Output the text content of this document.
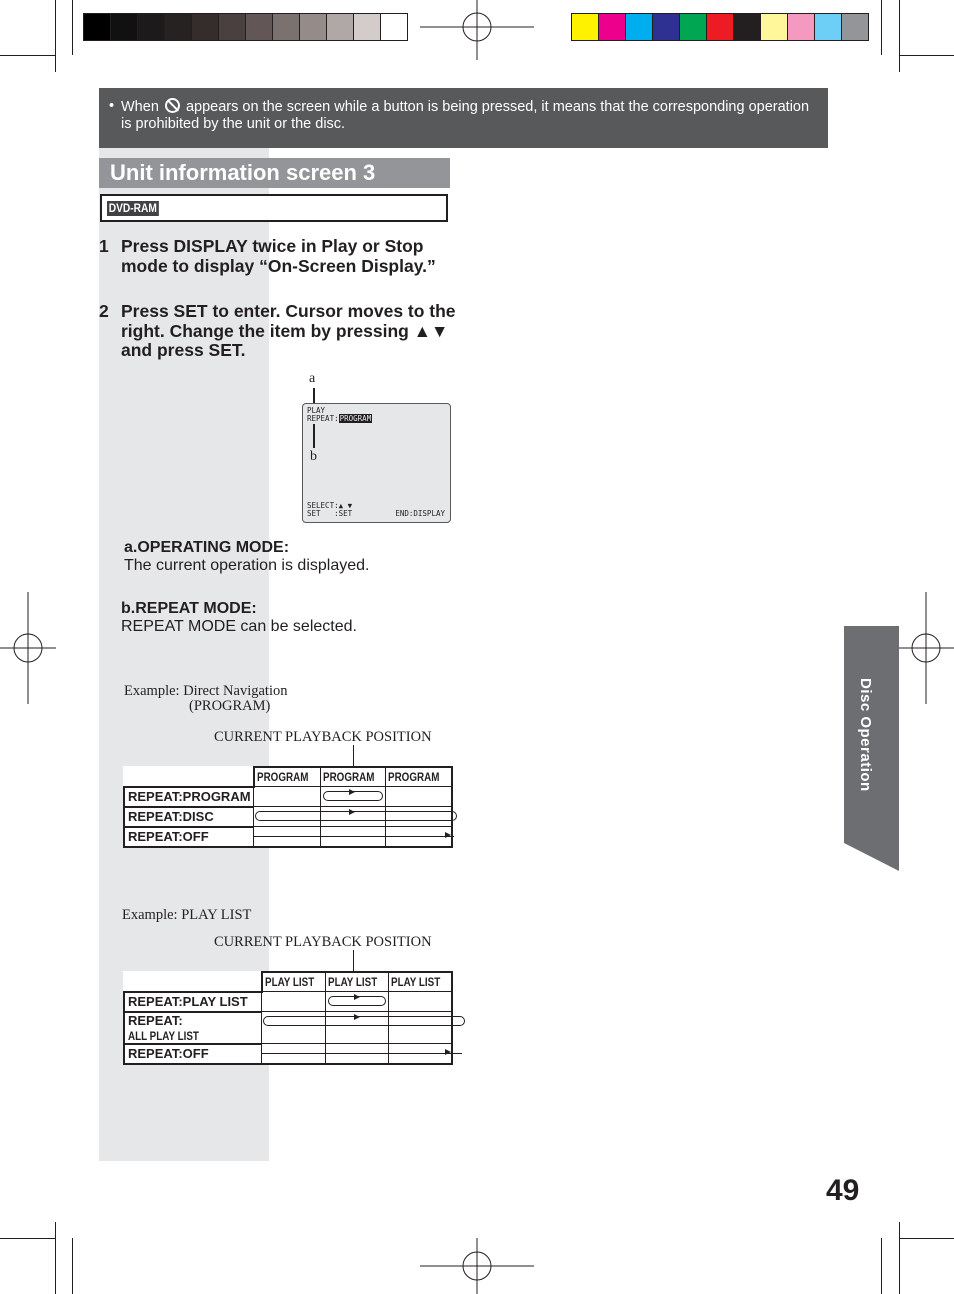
• When appears on the screen while a button is being pressed, it means that the corresponding operation is prohibited by the unit or the disc.
Unit information screen 3
DVD-RAM
1 Press DISPLAY twice in Play or Stop mode to display “On-Screen Display.”
2 Press SET to enter. Cursor moves to the right. Change the item by pressing ▲▼ and press SET.
a
PLAY
REPEAT:PROGRAM
SELECT:▲ ▼
SET   :SET	END:DISPLAY
b
a.OPERATING MODE:
The current operation is displayed.
b.REPEAT MODE:
REPEAT MODE can be selected.
Example: Direct Navigation
(PROGRAM)
CURRENT PLAYBACK POSITION
	PROGRAM	PROGRAM	PROGRAM
REPEAT:PROGRAM		

REPEAT:DISC	

REPEAT:OFF	

Example: PLAY LIST
CURRENT PLAYBACK POSITION
	PLAY LIST	PLAY LIST	PLAY LIST
REPEAT:PLAY LIST		

REPEAT:ALL PLAY LIST	

REPEAT:OFF	

Disc Operation
49
